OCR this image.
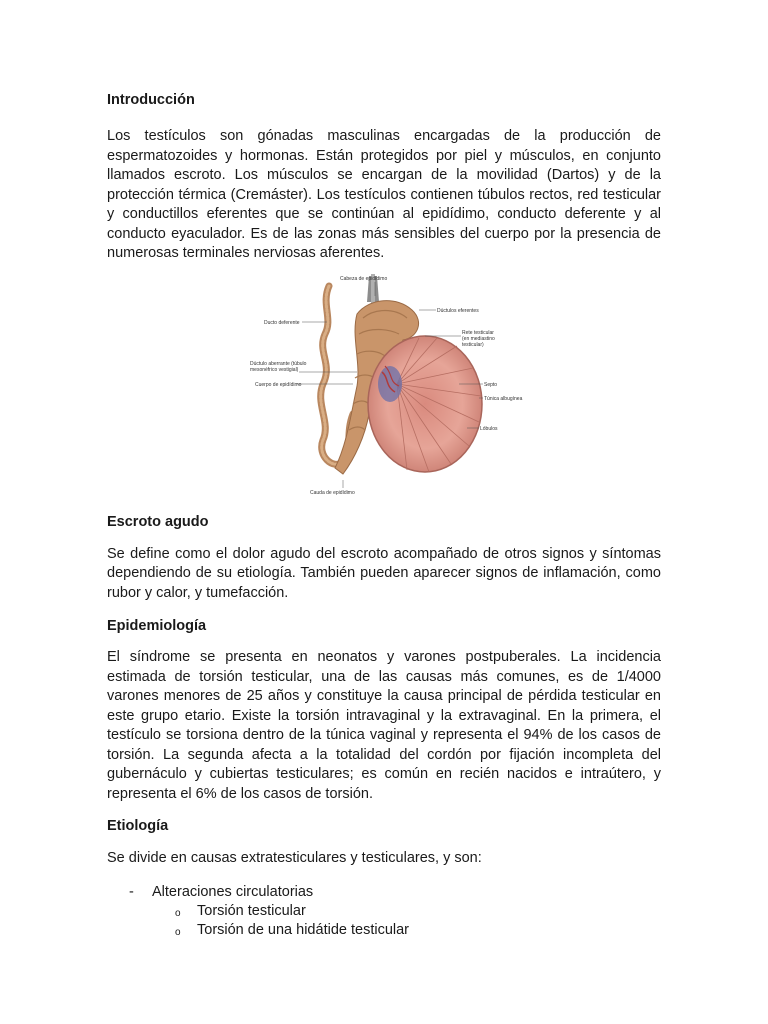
Introducción

Los testículos son gónadas masculinas encargadas de la producción de espermatozoides y hormonas. Están protegidos por piel y músculos, en conjunto llamados escroto. Los músculos se encargan de la movilidad (Dartos) y de la protección térmica (Cremáster). Los testículos contienen túbulos rectos, red testicular y conductillos eferentes que se continúan al epidídimo, conducto deferente y al conducto eyaculador. Es de las zonas más sensibles del cuerpo por la presencia de numerosas terminales nerviosas aferentes.

Cabeza de epidídimo
Dúctulos eferentes
Ducto deferente
Rete testicular
(en mediastino
testicular)
Dúctulo aberrante (túbulo
mesonéfrico vestigial)
Cuerpo de epidídimo	Septo
Túnica albugínea
Lóbulos
Cauda de epidídimo
Escroto agudo

Se define como el dolor agudo del escroto acompañado de otros signos y síntomas dependiendo de su etiología. También pueden aparecer signos de inflamación, como rubor y calor, y tumefacción.

Epidemiología

El síndrome se presenta en neonatos y varones postpuberales. La incidencia estimada de torsión testicular, una de las causas más comunes, es de 1/4000 varones menores de 25 años y constituye la causa principal de pérdida testicular en este grupo etario. Existe la torsión intravaginal y la extravaginal. En la primera, el testículo se torsiona dentro de la túnica vaginal y representa el 94% de los casos de torsión. La segunda afecta a la totalidad del cordón por fijación incompleta del gubernáculo y cubiertas testiculares; es común en recién nacidos e intraútero, y representa el 6% de los casos de torsión.

Etiología

Se divide en causas extratesticulares y testiculares, y son:

- Alteraciones circulatorias
o Torsión testicular
o Torsión de una hidátide testicular
